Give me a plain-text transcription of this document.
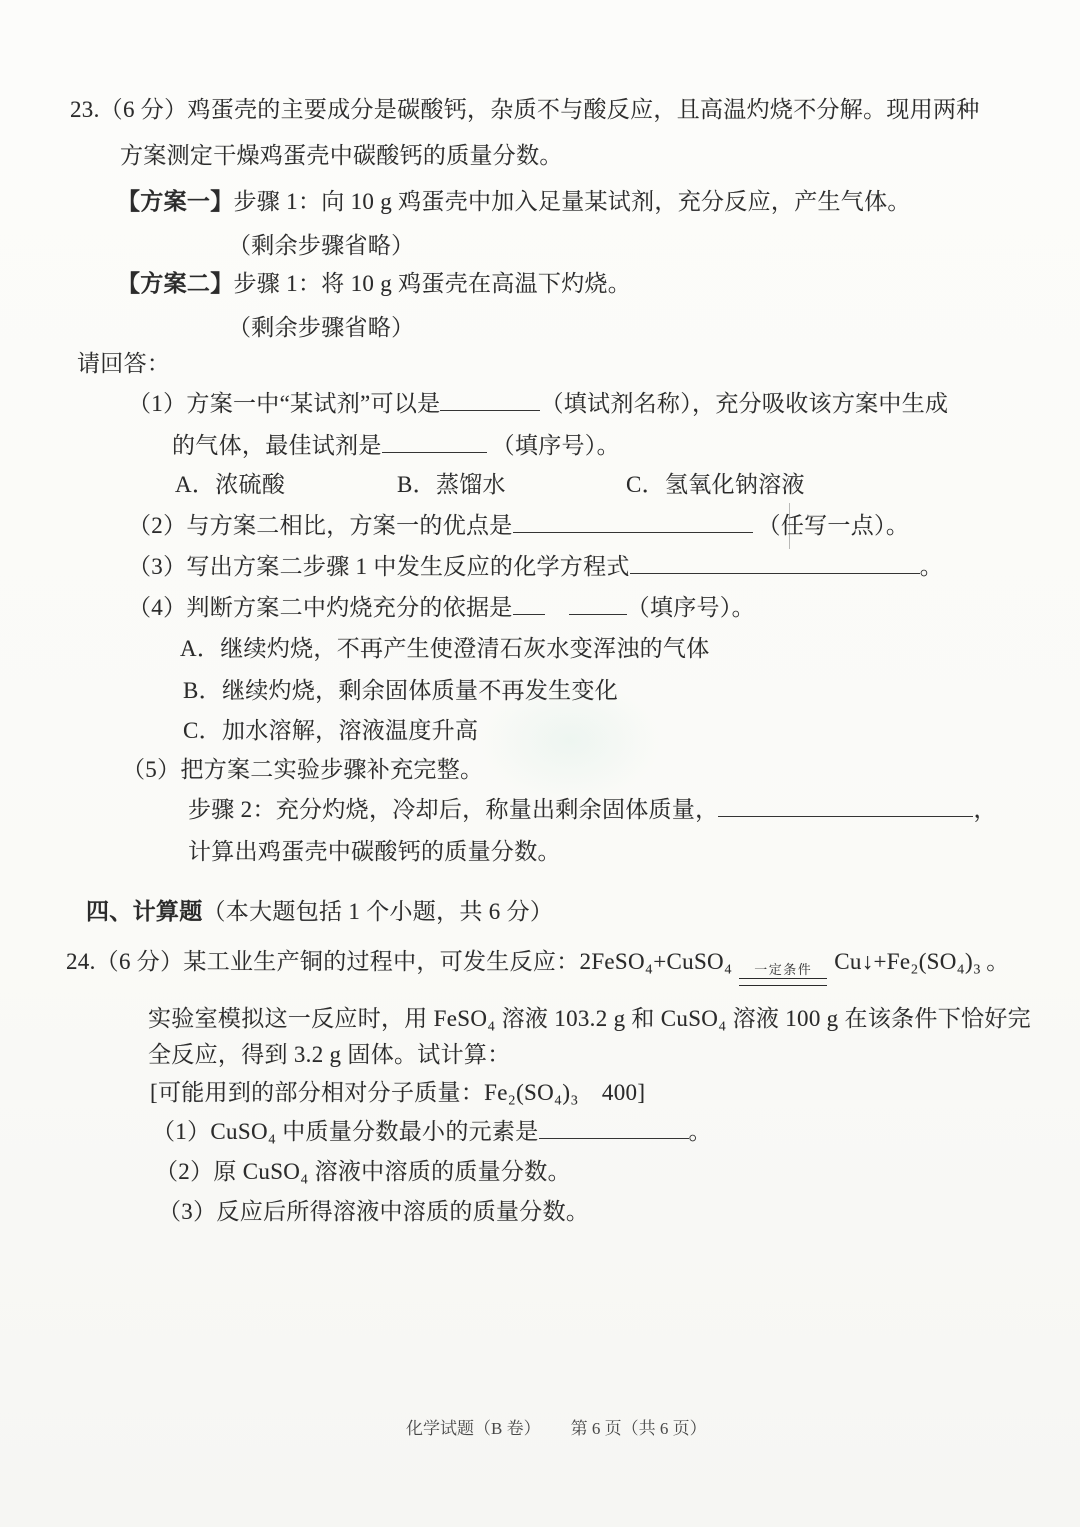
23.（6 分）鸡蛋壳的主要成分是碳酸钙，杂质不与酸反应，且高温灼烧不分解。现用两种
方案测定干燥鸡蛋壳中碳酸钙的质量分数。
【方案一】步骤 1：向 10 g 鸡蛋壳中加入足量某试剂，充分反应，产生气体。
（剩余步骤省略）
【方案二】步骤 1：将 10 g 鸡蛋壳在高温下灼烧。
（剩余步骤省略）
请回答：
（1）方案一中“某试剂”可以是	（填试剂名称），充分吸收该方案中生成
的气体，最佳试剂是 	（填序号）。
A．浓硫酸	B．蒸馏水	C．氢氧化钠溶液
（2）与方案二相比，方案一的优点是 	（任写一点）。
（3）写出方案二步骤 1 中发生反应的化学方程式	。
（4）判断方案二中灼烧充分的依据是	（填序号）。
A．继续灼烧，不再产生使澄清石灰水变浑浊的气体
B．继续灼烧，剩余固体质量不再发生变化
C．加水溶解，溶液温度升高
（5）把方案二实验步骤补充完整。
步骤 2：充分灼烧，冷却后，称量出剩余固体质量，	，
计算出鸡蛋壳中碳酸钙的质量分数。
四、计算题（本大题包括 1 个小题，共 6 分）
24.（6 分）某工业生产铜的过程中，可发生反应：2FeSO₄+CuSO₄ 一定条件 Cu↓+Fe₂(SO₄)₃  。
实验室模拟这一反应时，用 FeSO₄ 溶液 103.2 g 和 CuSO₄ 溶液 100 g 在该条件下恰好完
全反应，得到 3.2 g 固体。试计算：
[可能用到的部分相对分子质量：Fe₂(SO₄)₃　400]
（1）CuSO₄ 中质量分数最小的元素是	。
（2）原 CuSO₄ 溶液中溶质的质量分数。
（3）反应后所得溶液中溶质的质量分数。
化学试题（B 卷） 第 6 页（共 6 页）
